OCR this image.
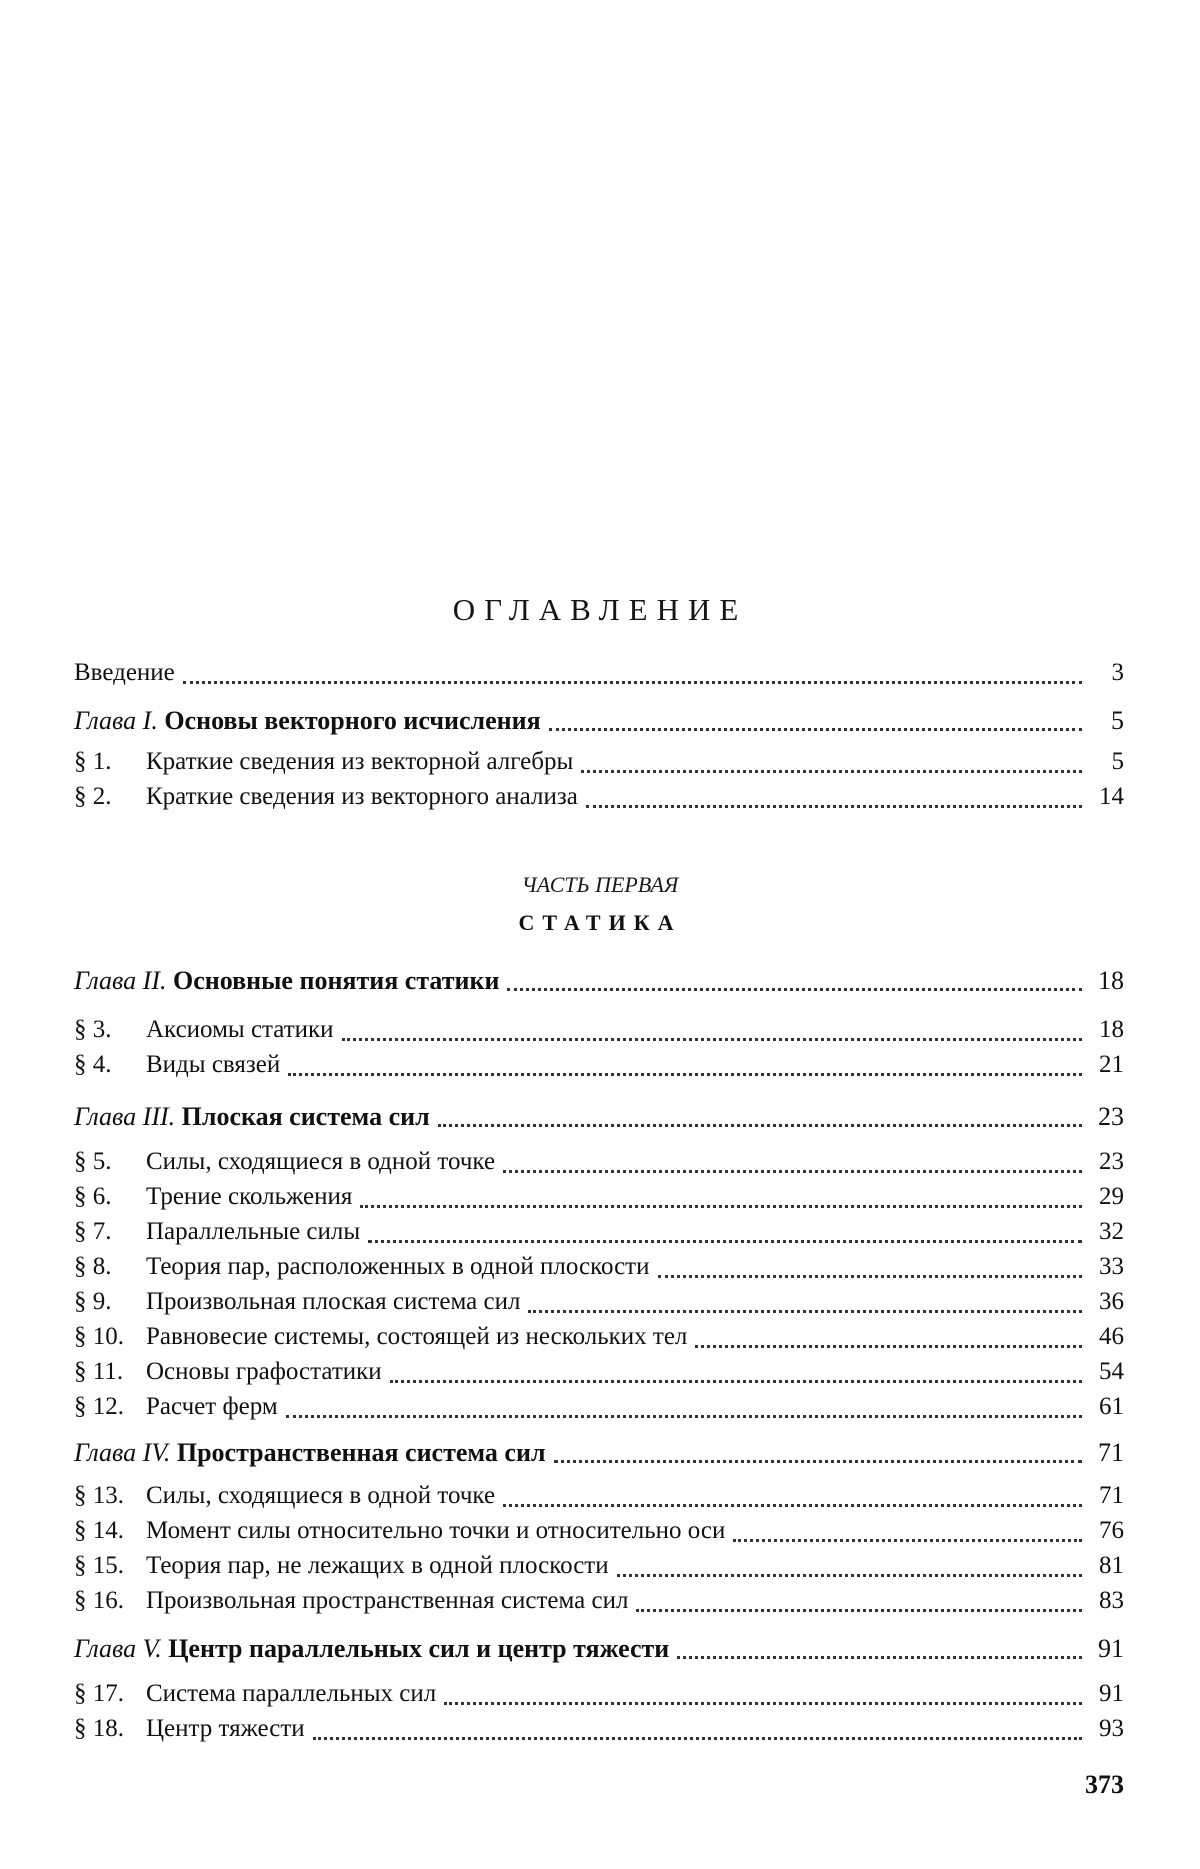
ОГЛАВЛЕНИЕ
Введение	3
Глава I. Основы векторного исчисления	5
§ 1.	Краткие сведения из векторной алгебры	5
§ 2.	Краткие сведения из векторного анализа	14
ЧАСТЬ ПЕРВАЯ
СТАТИКА
Глава II. Основные понятия статики	18
§ 3.	Аксиомы статики	18
§ 4.	Виды связей	21
Глава III. Плоская система сил	23
§ 5.	Силы, сходящиеся в одной точке	23
§ 6.	Трение скольжения	29
§ 7.	Параллельные силы	32
§ 8.	Теория пар, расположенных в одной плоскости	33
§ 9.	Произвольная плоская система сил	36
§ 10. Равновесие системы, состоящей из нескольких тел	46
§ 11. Основы графостатики	54
§ 12. Расчет ферм	61
Глава IV. Пространственная система сил	71
§ 13. Силы, сходящиеся в одной точке	71
§ 14. Момент силы относительно точки и относительно оси	76
§ 15. Теория пар, не лежащих в одной плоскости	81
§ 16. Произвольная пространственная система сил	83
Глава V. Центр параллельных сил и центр тяжести	91
§ 17. Система параллельных сил	91
§ 18. Центр тяжести	93
373
